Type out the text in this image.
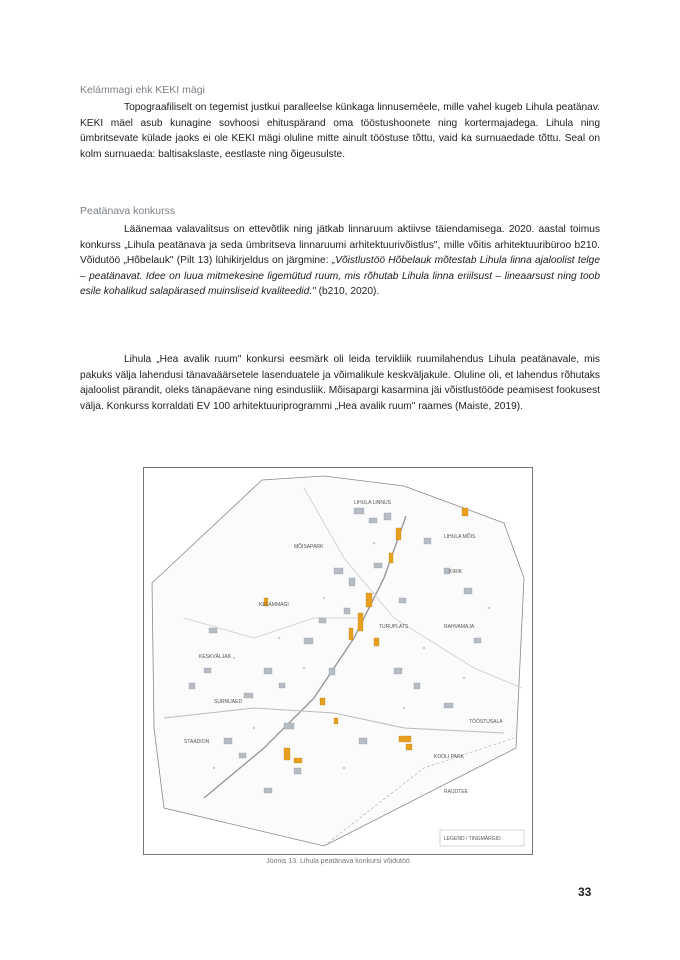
Kelámmagi ehk KEKI mägi

Topograafiliselt on tegemist justkui paralleelse künkaga linnuseméele, mille vahel kugeb Lihula peatänav. KEKI mäel asub kunagine sovhoosi ehituspärand oma tööstushoonete ning kortermajadega. Lihula ning ümbritsevate külade jaoks ei ole KEKI mägi oluline mitte ainult tööstuse tõttu, vaid ka surnuaedade tõttu. Seal on kolm surnuaeda: baltisakslaste, eestlaste ning õigeusulste.

Peatänava konkurss

Läänemaa valavalitsus on ettevõtlik ning jätkab linnaruum aktiivse täiendamisega. 2020. aastal toimus konkurss „Lihula peatänava ja seda ümbritseva linnaruumi arhitektuurivõistlus", mille võitis arhitektuuribüroo b210. Võidutöö „Hõbelauk" (Pilt 13) lühikirjeldus on järgmine: „Võistlustöö Hõbelauk mõtestab Lihula linna ajaloolist telge – peatänavat. Idee on luua mitmekesine ligemütud ruum, mis rõhutab Lihula linna eriilsust – lineaarsust ning toob esile kohalikud salapärased muinsliseid kvaliteedid." (b210, 2020).

Lihula „Hea avalik ruum" konkursi eesmärk oli leida tervikliik ruumilahendus Lihula peatänavale, mis pakuks välja lahendusi tänavaäärsetele lasenduatele ja võimalikule keskväljakule. Oluline oli, et lahendus rõhutaks ajaloolist pärandit, oleks tänapäevane ning esindusliik. Mõisapargi kasarmina jäi võistlustööde peamisest fookusest välja. Konkurss korraldati EV 100 arhitektuuriprogrammi „Hea avalik ruum" raames (Maiste, 2019).

LIHULA LINNUS
MÕISAPARK
LIHULA MÕIS
KELÁMMAGI
TURUPLATS
KESKVÄLJAK
RAHVAMAJA
KIRIK
SURNUAED
KOOLI PARK
STAADION
TÖÖSTUSALA
RAUDTEE
LEGEND / TINGMÄRGID

Joonis 13. Lihula peatänava konkursi võidutöö

33
